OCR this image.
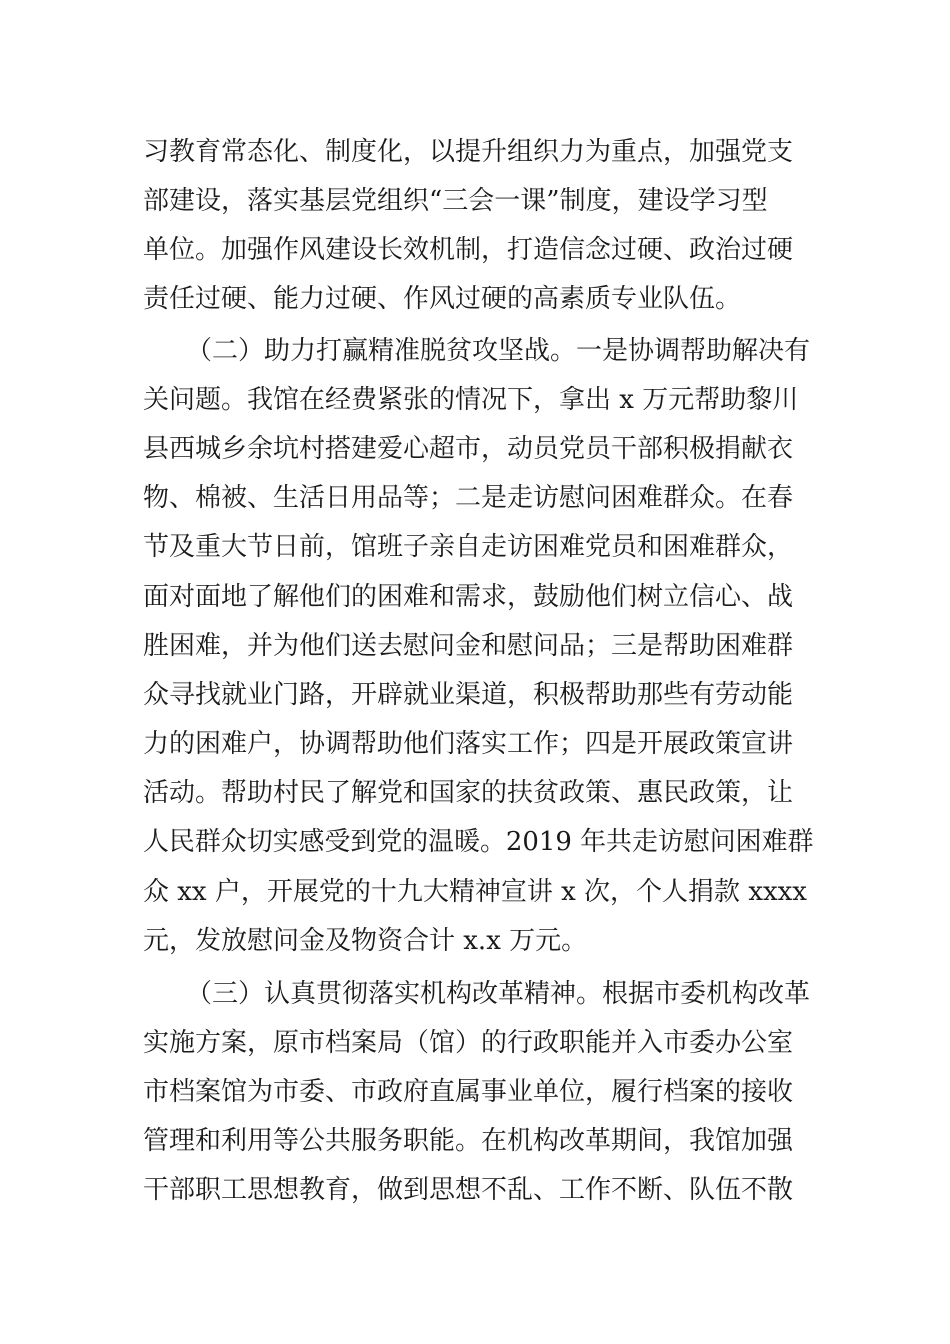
习教育常态化、制度化，以提升组织力为重点，加强党支
部建设，落实基层党组织“三会一课”制度，建设学习型
单位。加强作风建设长效机制，打造信念过硬、政治过硬
责任过硬、能力过硬、作风过硬的高素质专业队伍。
（二）助力打赢精准脱贫攻坚战。一是协调帮助解决有
关问题。我馆在经费紧张的情况下，拿出 x 万元帮助黎川
县西城乡余坑村搭建爱心超市，动员党员干部积极捐献衣
物、棉被、生活日用品等；二是走访慰问困难群众。在春
节及重大节日前，馆班子亲自走访困难党员和困难群众，
面对面地了解他们的困难和需求，鼓励他们树立信心、战
胜困难，并为他们送去慰问金和慰问品；三是帮助困难群
众寻找就业门路，开辟就业渠道，积极帮助那些有劳动能
力的困难户，协调帮助他们落实工作；四是开展政策宣讲
活动。帮助村民了解党和国家的扶贫政策、惠民政策，让
人民群众切实感受到党的温暖。2019 年共走访慰问困难群
众 xx 户，开展党的十九大精神宣讲 x 次，个人捐款 xxxx
元，发放慰问金及物资合计 x.x 万元。
（三）认真贯彻落实机构改革精神。根据市委机构改革
实施方案，原市档案局（馆）的行政职能并入市委办公室
市档案馆为市委、市政府直属事业单位，履行档案的接收
管理和利用等公共服务职能。在机构改革期间，我馆加强
干部职工思想教育，做到思想不乱、工作不断、队伍不散
